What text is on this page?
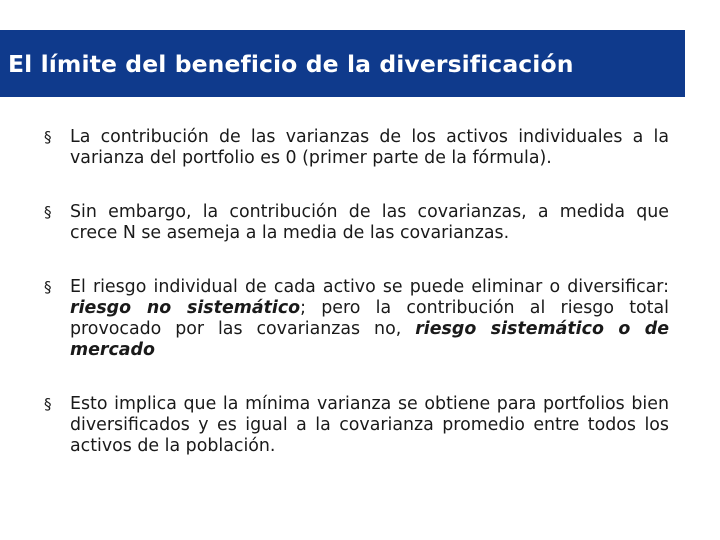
El límite del beneficio de la diversificación
§
La contribución de las varianzas de los activos individuales a la varianza del portfolio es 0 (primer parte de la fórmula).
§
Sin embargo, la contribución de las covarianzas, a medida que crece N se asemeja a la media de las covarianzas.
§
El riesgo individual de cada activo se puede eliminar o diversificar: riesgo no sistemático; pero la contribución al riesgo total provocado por las covarianzas no, riesgo sistemático o de mercado
§
Esto implica que la mínima varianza se obtiene para portfolios bien diversificados y es igual a la covarianza promedio entre todos los activos de la población.
